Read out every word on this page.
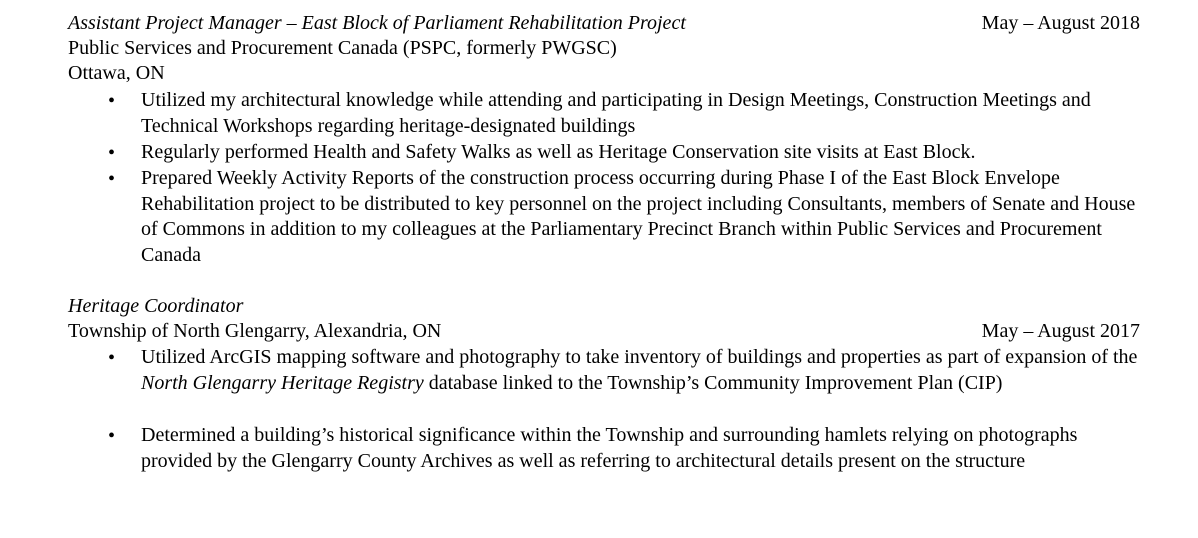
Assistant Project Manager – East Block of Parliament Rehabilitation Project	May – August 2018
Public Services and Procurement Canada (PSPC, formerly PWGSC)
Ottawa, ON
• Utilized my architectural knowledge while attending and participating in Design Meetings, Construction Meetings and Technical Workshops regarding heritage-designated buildings
• Regularly performed Health and Safety Walks as well as Heritage Conservation site visits at East Block.
• Prepared Weekly Activity Reports of the construction process occurring during Phase I of the East Block Envelope Rehabilitation project to be distributed to key personnel on the project including Consultants, members of Senate and House of Commons in addition to my colleagues at the Parliamentary Precinct Branch within Public Services and Procurement Canada
Heritage Coordinator
Township of North Glengarry, Alexandria, ON	May – August 2017
• Utilized ArcGIS mapping software and photography to take inventory of buildings and properties as part of expansion of the North Glengarry Heritage Registry database linked to the Township’s Community Improvement Plan (CIP)
• Determined a building’s historical significance within the Township and surrounding hamlets relying on photographs provided by the Glengarry County Archives as well as referring to architectural details present on the structure
